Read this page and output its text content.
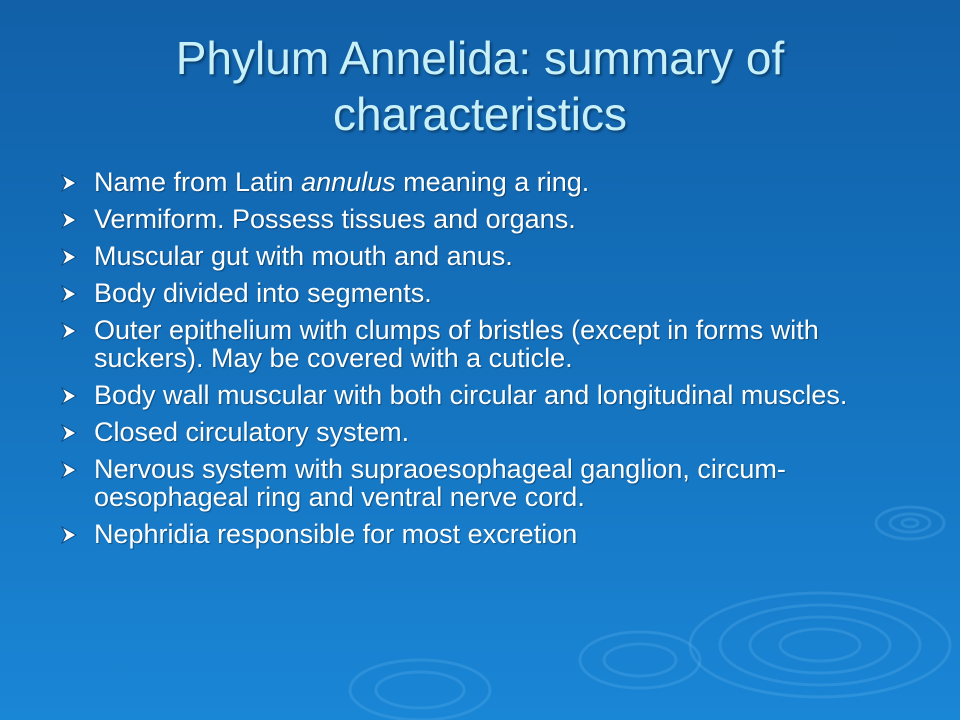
Phylum Annelida: summary of characteristics
Name from Latin annulus meaning a ring.
Vermiform. Possess tissues and organs.
Muscular gut with mouth and anus.
Body divided into segments.
Outer epithelium with clumps of bristles (except in forms with suckers). May be covered with a cuticle.
Body wall muscular with both circular and longitudinal muscles.
Closed circulatory system.
Nervous system with supraoesophageal ganglion, circum-oesophageal ring and ventral nerve cord.
Nephridia responsible for most excretion
